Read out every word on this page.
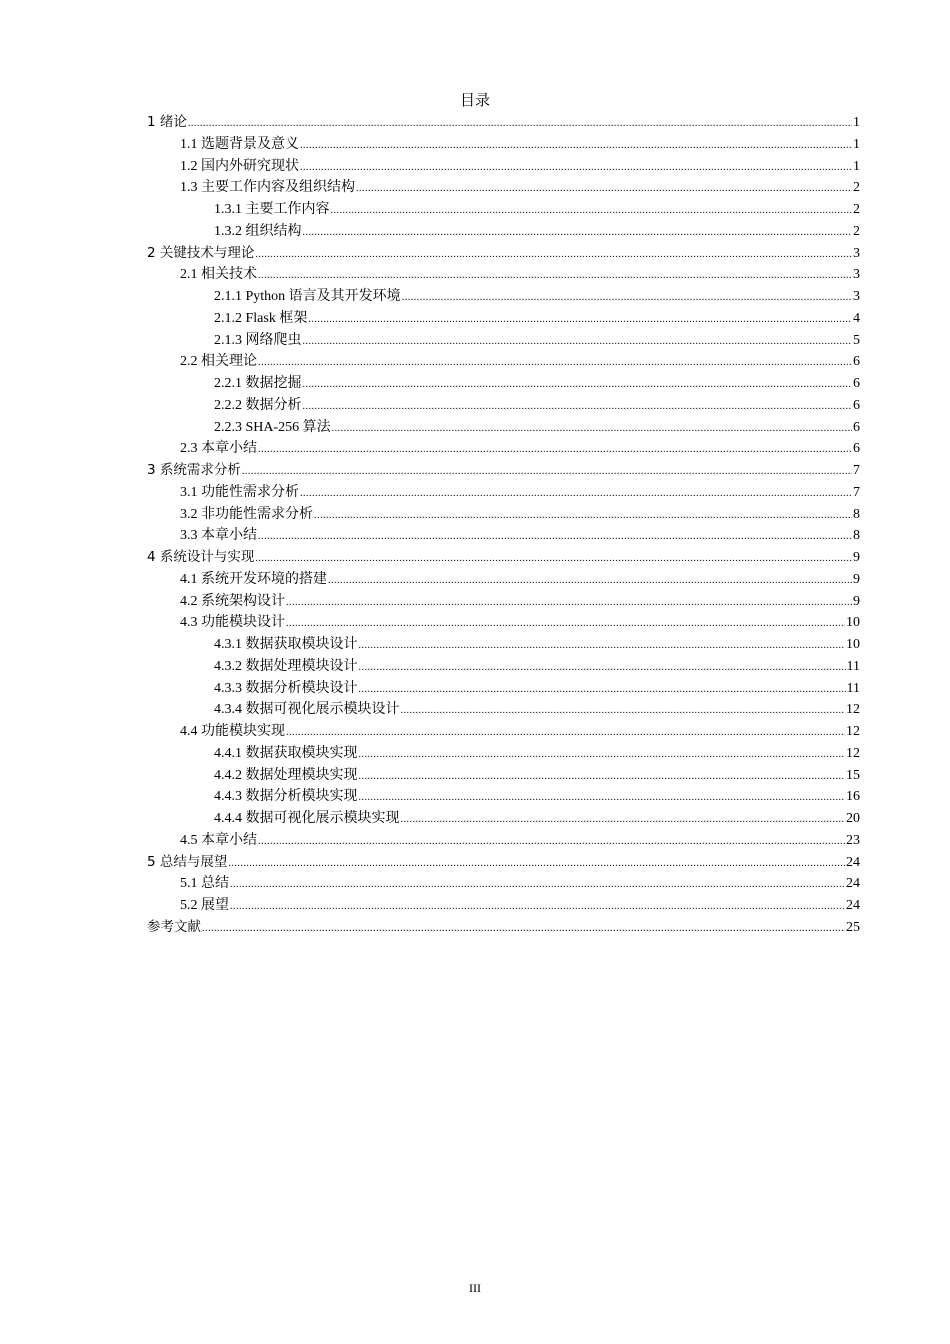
目录
1 绪论 .....	1
1.1 选题背景及意义 .....	1
1.2 国内外研究现状 .....	1
1.3 主要工作内容及组织结构 .....	2
1.3.1 主要工作内容 .....	2
1.3.2 组织结构 .....	2
2 关键技术与理论 .....	3
2.1 相关技术 .....	3
2.1.1 Python 语言及其开发环境 .....	3
2.1.2 Flask 框架 .....	4
2.1.3 网络爬虫 .....	5
2.2 相关理论 .....	6
2.2.1 数据挖掘 .....	6
2.2.2 数据分析 .....	6
2.2.3 SHA-256 算法 .....	6
2.3 本章小结 .....	6
3 系统需求分析 .....	7
3.1 功能性需求分析 .....	7
3.2 非功能性需求分析 .....	8
3.3 本章小结 .....	8
4 系统设计与实现 .....	9
4.1 系统开发环境的搭建 .....	9
4.2 系统架构设计 .....	9
4.3 功能模块设计 .....	10
4.3.1 数据获取模块设计 .....	10
4.3.2 数据处理模块设计 .....	11
4.3.3 数据分析模块设计 .....	11
4.3.4 数据可视化展示模块设计 .....	12
4.4 功能模块实现 .....	12
4.4.1 数据获取模块实现 .....	12
4.4.2 数据处理模块实现 .....	15
4.4.3 数据分析模块实现 .....	16
4.4.4 数据可视化展示模块实现 .....	20
4.5 本章小结 .....	23
5 总结与展望 .....	24
5.1 总结 .....	24
5.2 展望 .....	24
参考文献 .....	25
III
